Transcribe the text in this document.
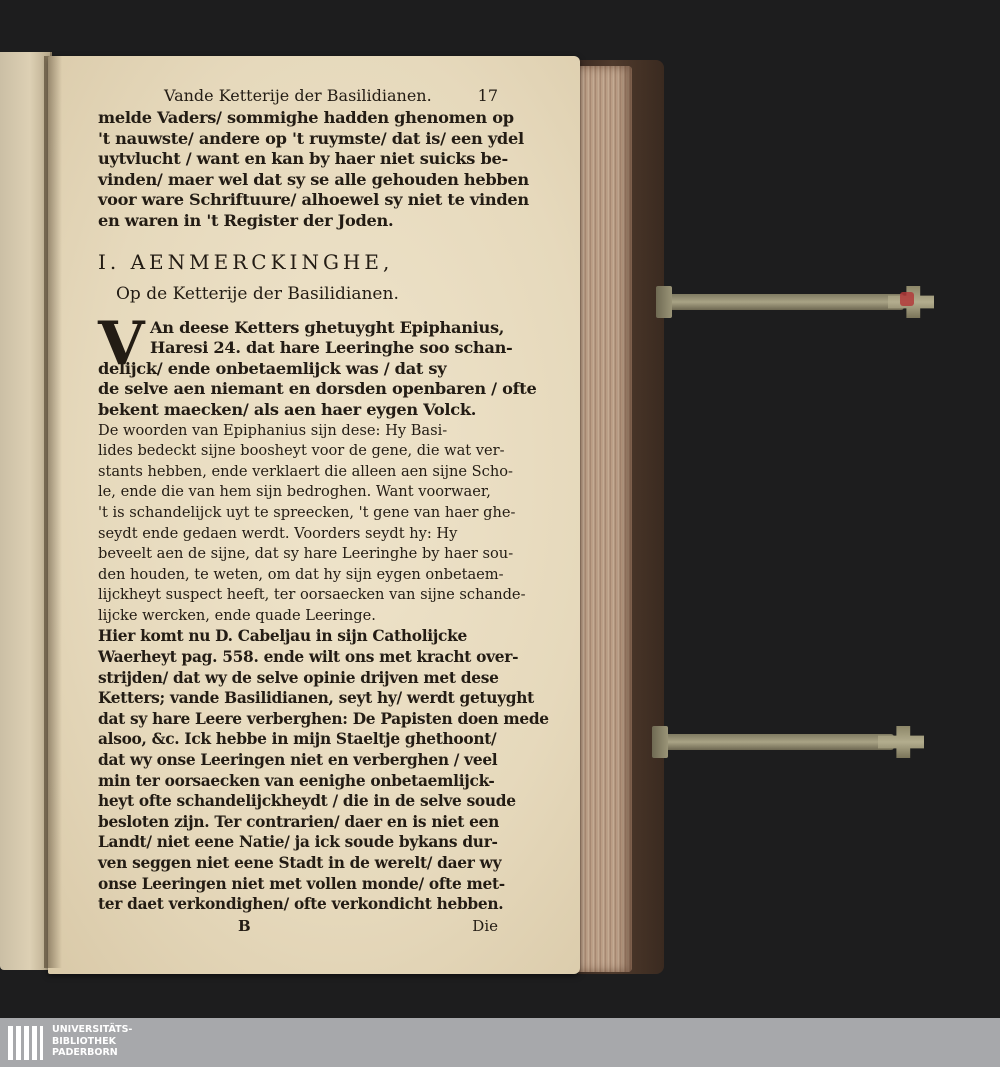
Vande Ketterije der Basilidianen.	17

melde Vaders/ sommighe hadden ghenomen op
't nauwste/ andere op 't ruymste/ dat is/ een ydel
uytvlucht / want en kan by haer niet suicks be-
vinden/ maer wel dat sy se alle gehouden hebben
voor ware Schriftuure/ alhoewel sy niet te vinden
en waren in 't Register der Joden.

I. AENMERCKINGHE,
Op de Ketterije der Basilidianen.
V An deese Ketters ghetuyght Epiphanius,
Haresi 24. dat hare Leeringhe soo schan-
delijck/ ende onbetaemlijck was / dat sy
de selve aen niemant en dorsden openbaren / ofte
bekent maecken/ als aen haer eygen Volck.

De woorden van Epiphanius sijn dese: Hy Basi-
lides bedeckt sijne boosheyt voor de gene, die wat ver-
stants hebben, ende verklaert die alleen aen sijne Scho-
le, ende die van hem sijn bedroghen. Want voorwaer,
't is schandelijck uyt te spreecken, 't gene van haer ghe-
seydt ende gedaen werdt. Voorders seydt hy: Hy
beveelt aen de sijne, dat sy hare Leeringhe by haer sou-
den houden, te weten, om dat hy sijn eygen onbetaem-
lijckheyt suspect heeft, ter oorsaecken van sijne schande-
lijcke wercken, ende quade Leeringe.

Hier komt nu D. Cabeljau in sijn Catholijcke
Waerheyt pag. 558. ende wilt ons met kracht over-
strijden/ dat wy de selve opinie drijven met dese
Ketters; vande Basilidianen, seyt hy/ werdt getuyght
dat sy hare Leere verberghen: De Papisten doen mede
alsoo, &c. Ick hebbe in mijn Staeltje ghethoont/
dat wy onse Leeringen niet en verberghen / veel
min ter oorsaecken van eenighe onbetaemlijck-
heyt ofte schandelijckheydt / die in de selve soude
besloten zijn. Ter contrarien/ daer en is niet een
Landt/ niet eene Natie/ ja ick soude bykans dur-
ven seggen niet eene Stadt in de werelt/ daer wy
onse Leeringen niet met vollen monde/ ofte met-
ter daet verkondighen/ ofte verkondicht hebben.

B	Die
UNIVERSITÄTS-
BIBLIOTHEK
PADERBORN
